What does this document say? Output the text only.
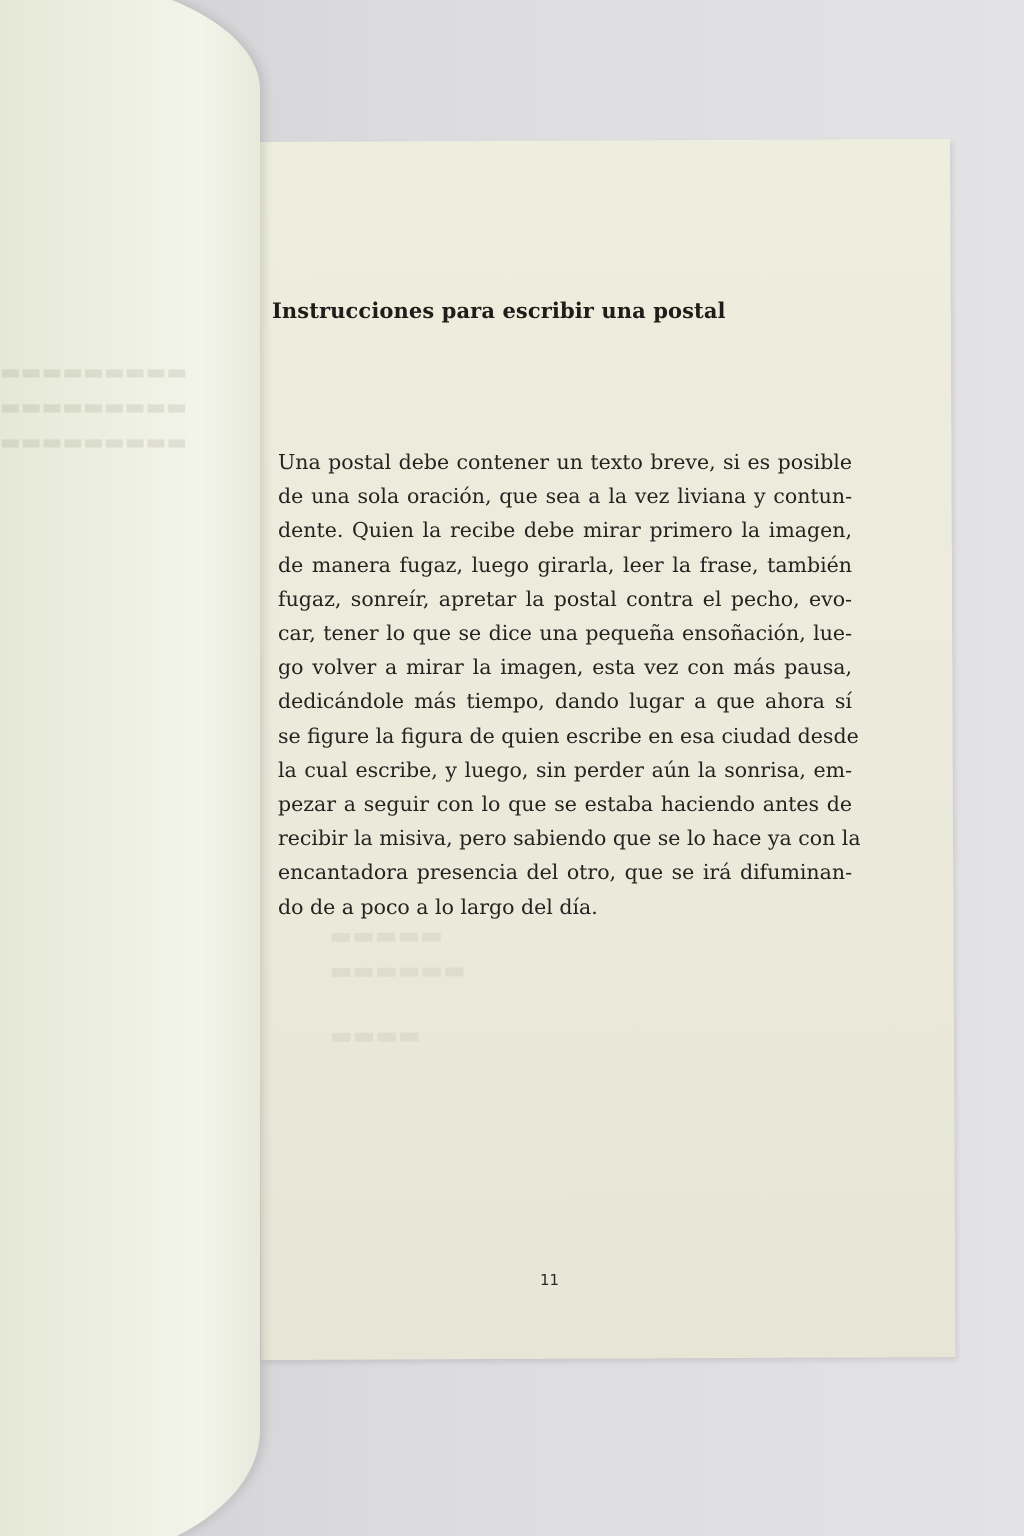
▬▬▬▬▬
▬▬▬▬▬▬
▬▬▬▬
▬▬▬▬▬▬▬▬▬
▬▬▬▬▬▬▬▬▬
▬▬▬▬▬▬▬▬▬
Instrucciones para escribir una postal
Una postal debe contener un texto breve, si es posible
de una sola oración, que sea a la vez liviana y contun-
dente. Quien la recibe debe mirar primero la imagen,
de manera fugaz, luego girarla, leer la frase, también
fugaz, sonreír, apretar la postal contra el pecho, evo-
car, tener lo que se dice una pequeña ensoñación, lue-
go volver a mirar la imagen, esta vez con más pausa,
dedicándole más tiempo, dando lugar a que ahora sí
se figure la figura de quien escribe en esa ciudad desde
la cual escribe, y luego, sin perder aún la sonrisa, em-
pezar a seguir con lo que se estaba haciendo antes de
recibir la misiva, pero sabiendo que se lo hace ya con la
encantadora presencia del otro, que se irá difuminan-
do de a poco a lo largo del día.
11
